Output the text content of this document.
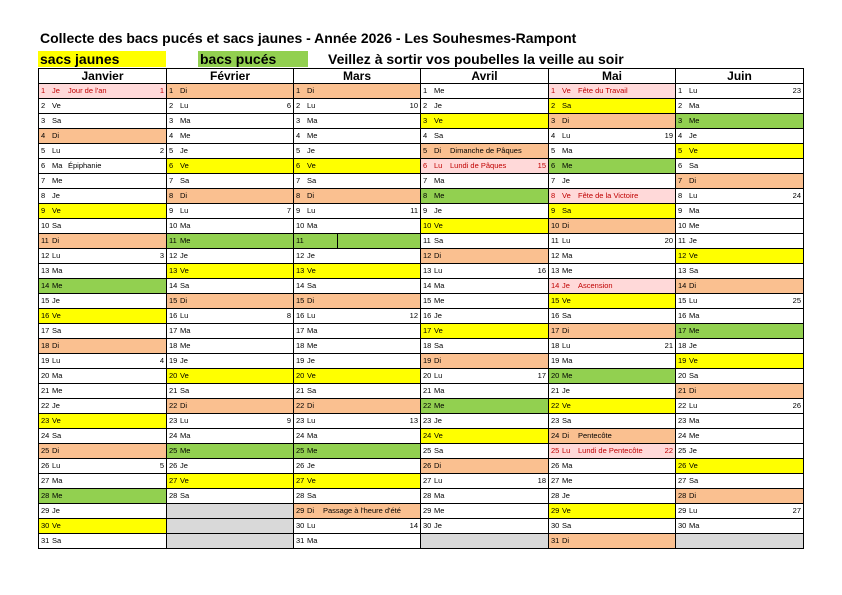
Collecte des bacs pucés et sacs jaunes - Année 2026 - Les Souhesmes-Rampont
sacs jaunes	bacs pucés	Veillez à sortir vos poubelles la veille au soir
Janvier	Février	Mars	Avril	Mai	Juin
1 Je Jour de l'an 1	1 Di	1 Di	1 Me	1 Ve Fête du Travail	1 Lu 23

2 Ve	2 Lu 6	2 Lu 10	2 Je	2 Sa	2 Ma
3 Sa	3 Ma	3 Ma	3 Ve	3 Di	3 Me
4 Di	4 Me	4 Me	4 Sa	4 Lu 19	4 Je
5 Lu 2	5 Je	5 Je	5 Di Dimanche de Pâques	5 Ma	5 Ve
6 Ma Épiphanie	6 Ve	6 Ve	6 Lu Lundi de Pâques 15	6 Me	6 Sa
7 Me	7 Sa	7 Sa	7 Ma	7 Je	7 Di
8 Je	8 Di	8 Di	8 Me	8 Ve Fête de la Victoire	8 Lu 24

9 Ve	9 Lu 7	9 Lu 11	9 Je	9 Sa	9 Ma
10 Sa	10 Ma	10 Ma	10 Ve	10 Di	10 Me
11 Di	11 Me	11	11 Sa	11 Lu 20	11 Je
12 Lu 3	12 Je	12 Je	12 Di	12 Ma	12 Ve
13 Ma	13 Ve	13 Ve	13 Lu 16	13 Me	13 Sa
14 Me	14 Sa	14 Sa	14 Ma	14 Je Ascension	14 Di
15 Je	15 Di	15 Di	15 Me	15 Ve	15 Lu 25

16 Ve	16 Lu 8	16 Lu 12	16 Je	16 Sa	16 Ma
17 Sa	17 Ma	17 Ma	17 Ve	17 Di	17 Me
18 Di	18 Me	18 Me	18 Sa	18 Lu 21	18 Je
19 Lu 4	19 Je	19 Je	19 Di	19 Ma	19 Ve
20 Ma	20 Ve	20 Ve	20 Lu 17	20 Me	20 Sa
21 Me	21 Sa	21 Sa	21 Ma	21 Je	21 Di
22 Je	22 Di	22 Di	22 Me	22 Ve	22 Lu 26

23 Ve	23 Lu 9	23 Lu 13	23 Je	23 Sa	23 Ma
24 Sa	24 Ma	24 Ma	24 Ve	24 Di Pentecôte	24 Me
25 Di	25 Me	25 Me	25 Sa	25 Lu Lundi de Pentecôte 22	25 Je
26 Lu 5	26 Je	26 Je	26 Di	26 Ma	26 Ve
27 Ma	27 Ve	27 Ve	27 Lu 18	27 Me	27 Sa
28 Me	28 Sa	28 Sa	28 Ma	28 Je	28 Di
29 Je		29 Di Passage à l'heure d'été	29 Me	29 Ve	29 Lu 27

30 Ve		30 Lu 14	30 Je	30 Sa	30 Ma
31 Sa		31 Ma		31 Di	
